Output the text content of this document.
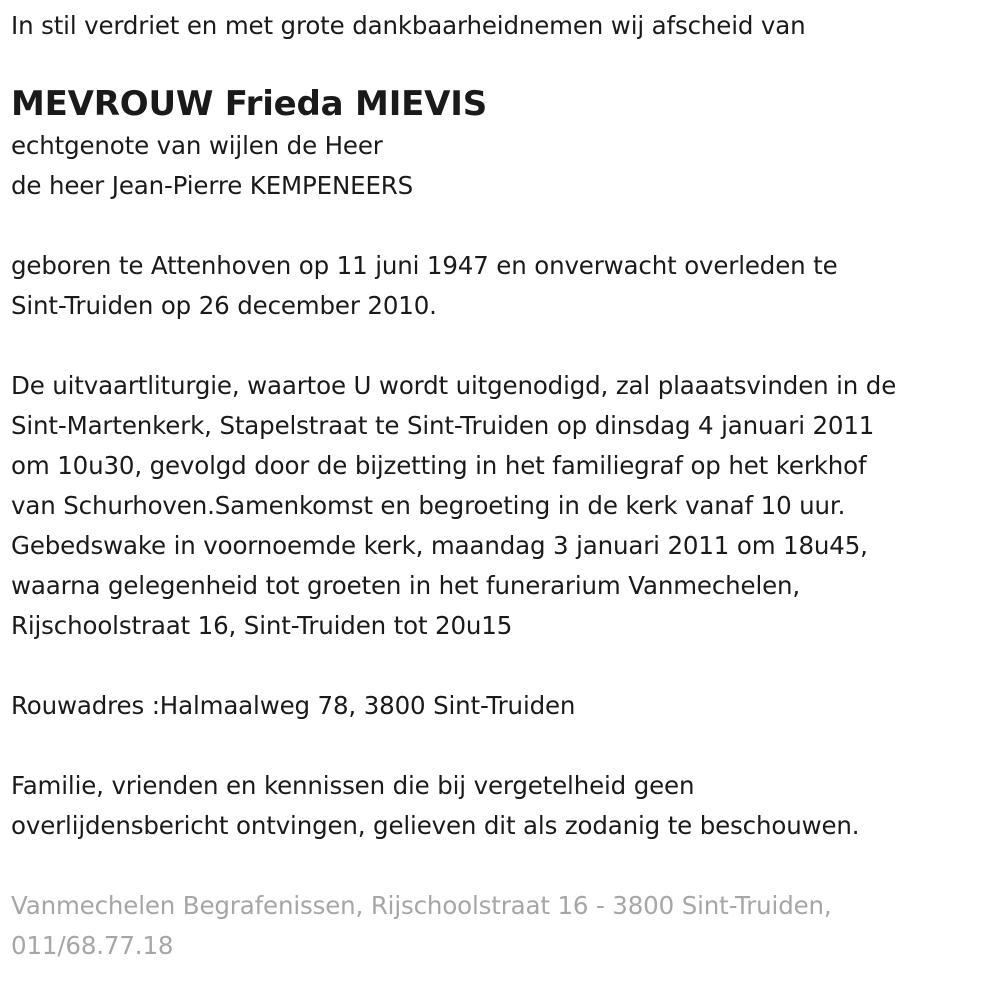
In stil verdriet en met grote dankbaarheidnemen wij afscheid van

MEVROUW Frieda MIEVIS

echtgenote van wijlen de Heer

de heer Jean-Pierre KEMPENEERS

geboren te Attenhoven op 11 juni 1947 en onverwacht overleden te

Sint-Truiden op 26 december 2010.

De uitvaartliturgie, waartoe U wordt uitgenodigd, zal plaaatsvinden in de

Sint-Martenkerk, Stapelstraat te Sint-Truiden op dinsdag 4 januari 2011

om 10u30, gevolgd door de bijzetting in het familiegraf op het kerkhof

van Schurhoven.Samenkomst en begroeting in de kerk vanaf 10 uur.

Gebedswake in voornoemde kerk, maandag 3 januari 2011 om 18u45,

waarna gelegenheid tot groeten in het funerarium Vanmechelen,

Rijschoolstraat 16, Sint-Truiden tot 20u15

Rouwadres :Halmaalweg 78, 3800 Sint-Truiden

Familie, vrienden en kennissen die bij vergetelheid geen

overlijdensbericht ontvingen, gelieven dit als zodanig te beschouwen.

Vanmechelen Begrafenissen, Rijschoolstraat 16 - 3800 Sint-Truiden,

011/68.77.18
